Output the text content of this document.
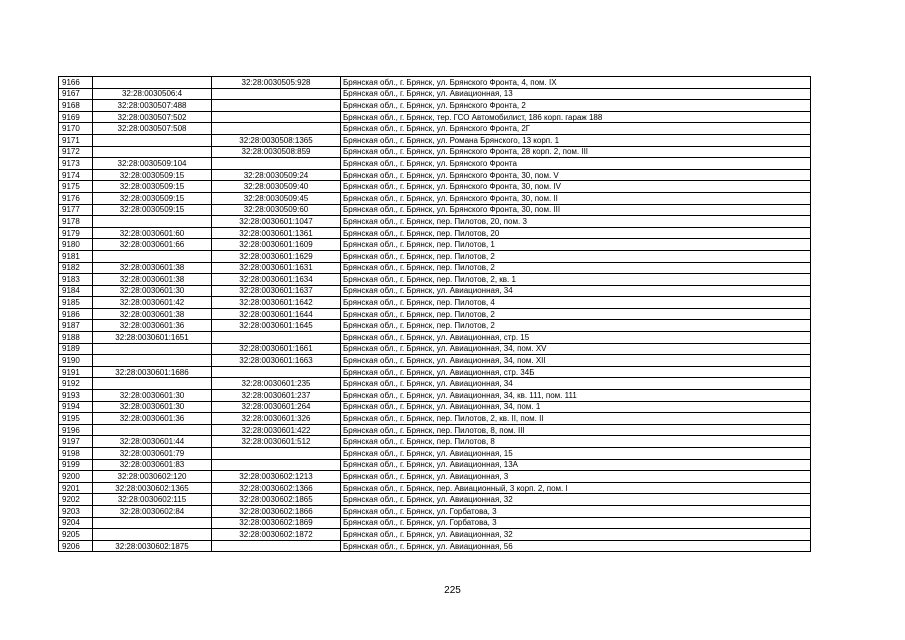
9166		32:28:0030505:928	Брянская обл., г. Брянск, ул. Брянского Фронта, 4, пом. IX
9167	32:28:0030506:4		Брянская обл., г. Брянск, ул. Авиационная, 13
9168	32:28:0030507:488		Брянская обл., г. Брянск, ул. Брянского Фронта, 2
9169	32:28:0030507:502		Брянская обл., г. Брянск, тер. ГСО Автомобилист, 186 корп. гараж 188
9170	32:28:0030507:508		Брянская обл., г. Брянск, ул. Брянского Фронта, 2Г
9171		32:28:0030508:1365	Брянская обл., г. Брянск, ул. Романа Брянского, 13 корп. 1
9172		32:28:0030508:859	Брянская обл., г. Брянск, ул. Брянского Фронта, 28 корп. 2, пом. III
9173	32:28:0030509:104		Брянская обл., г. Брянск, ул. Брянского Фронта
9174	32:28:0030509:15	32:28:0030509:24	Брянская обл., г. Брянск, ул. Брянского Фронта, 30, пом. V
9175	32:28:0030509:15	32:28:0030509:40	Брянская обл., г. Брянск, ул. Брянского Фронта, 30, пом. IV
9176	32:28:0030509:15	32:28:0030509:45	Брянская обл., г. Брянск, ул. Брянского Фронта, 30, пом. II
9177	32:28:0030509:15	32:28:0030509:60	Брянская обл., г. Брянск, ул. Брянского Фронта, 30, пом. III
9178		32:28:0030601:1047	Брянская обл., г. Брянск, пер. Пилотов, 20, пом. 3
9179	32:28:0030601:60	32:28:0030601:1361	Брянская обл., г. Брянск, пер. Пилотов, 20
9180	32:28:0030601:66	32:28:0030601:1609	Брянская обл., г. Брянск, пер. Пилотов, 1
9181		32:28:0030601:1629	Брянская обл., г. Брянск, пер. Пилотов, 2
9182	32:28:0030601:38	32:28:0030601:1631	Брянская обл., г. Брянск, пер. Пилотов, 2
9183	32:28:0030601:38	32:28:0030601:1634	Брянская обл., г. Брянск, пер. Пилотов, 2, кв. 1
9184	32:28:0030601:30	32:28:0030601:1637	Брянская обл., г. Брянск, ул. Авиационная, 34
9185	32:28:0030601:42	32:28:0030601:1642	Брянская обл., г. Брянск, пер. Пилотов, 4
9186	32:28:0030601:38	32:28:0030601:1644	Брянская обл., г. Брянск, пер. Пилотов, 2
9187	32:28:0030601:36	32:28:0030601:1645	Брянская обл., г. Брянск, пер. Пилотов, 2
9188	32:28:0030601:1651		Брянская обл., г. Брянск, ул. Авиационная, стр. 15
9189		32:28:0030601:1661	Брянская обл., г. Брянск, ул. Авиационная, 34, пом. XV
9190		32:28:0030601:1663	Брянская обл., г. Брянск, ул. Авиационная, 34, пом. XII
9191	32:28:0030601:1686		Брянская обл., г. Брянск, ул. Авиационная, стр. 34Б
9192		32:28:0030601:235	Брянская обл., г. Брянск, ул. Авиационная, 34
9193	32:28:0030601:30	32:28:0030601:237	Брянская обл., г. Брянск, ул. Авиационная, 34, кв. 111, пом. 111
9194	32:28:0030601:30	32:28:0030601:264	Брянская обл., г. Брянск, ул. Авиационная, 34, пом. 1
9195	32:28:0030601:36	32:28:0030601:326	Брянская обл., г. Брянск, пер. Пилотов, 2, кв. II, пом. II
9196		32:28:0030601:422	Брянская обл., г. Брянск, пер. Пилотов, 8, пом. III
9197	32:28:0030601:44	32:28:0030601:512	Брянская обл., г. Брянск, пер. Пилотов, 8
9198	32:28:0030601:79		Брянская обл., г. Брянск, ул. Авиационная, 15
9199	32:28:0030601:83		Брянская обл., г. Брянск, ул. Авиационная, 13А
9200	32:28:0030602:120	32:28:0030602:1213	Брянская обл., г. Брянск, ул. Авиационная, 3
9201	32:28:0030602:1365	32:28:0030602:1366	Брянская обл., г. Брянск, пер. Авиационный, 3 корп. 2, пом. I
9202	32:28:0030602:115	32:28:0030602:1865	Брянская обл., г. Брянск, ул. Авиационная, 32
9203	32:28:0030602:84	32:28:0030602:1866	Брянская обл., г. Брянск, ул. Горбатова, 3
9204		32:28:0030602:1869	Брянская обл., г. Брянск, ул. Горбатова, 3
9205		32:28:0030602:1872	Брянская обл., г. Брянск, ул. Авиационная, 32
9206	32:28:0030602:1875		Брянская обл., г. Брянск, ул. Авиационная, 56
225
